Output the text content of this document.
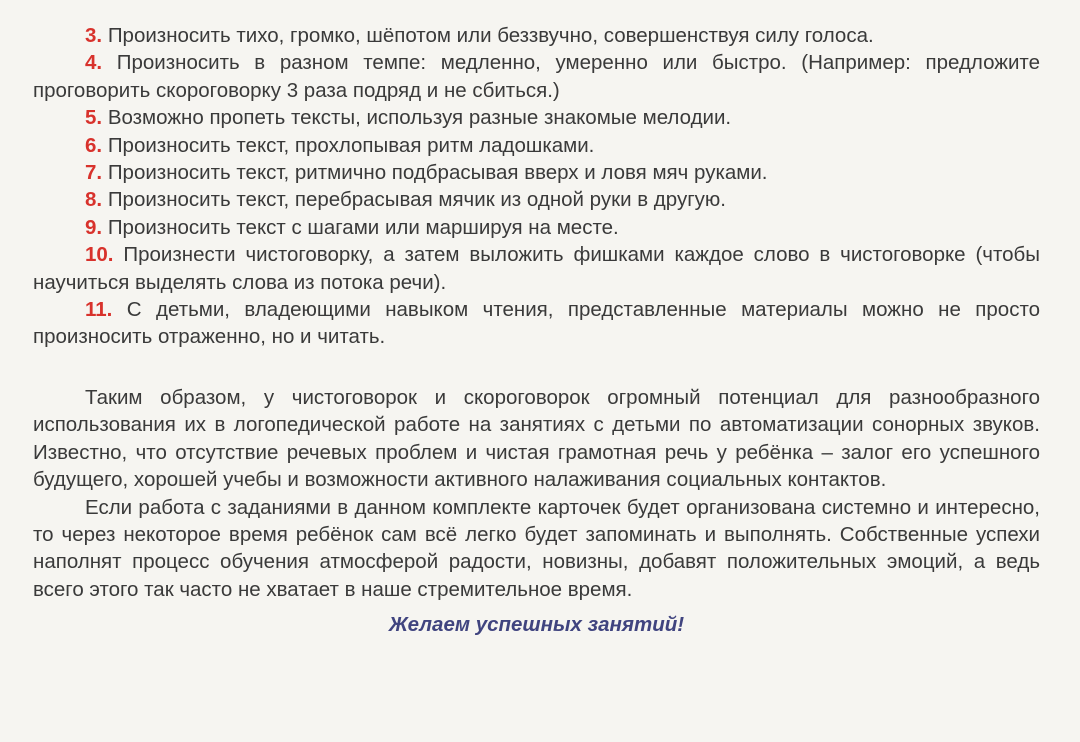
3. Произносить тихо, громко, шёпотом или беззвучно, совершенствуя силу голоса.

4. Произносить в разном темпе: медленно, умеренно или быстро. (Например: предложите проговорить скороговорку 3 раза подряд и не сбиться.)

5. Возможно пропеть тексты, используя разные знакомые мелодии.

6. Произносить текст, прохлопывая ритм ладошками.

7. Произносить текст, ритмично подбрасывая вверх и ловя мяч руками.

8. Произносить текст, перебрасывая мячик из одной руки в другую.

9. Произносить текст с шагами или маршируя на месте.

10. Произнести чистоговорку, а затем выложить фишками каждое слово в чистоговорке (чтобы научиться выделять слова из потока речи).

11. С детьми, владеющими навыком чтения, представленные материалы можно не просто произносить отраженно, но и читать.

Таким образом, у чистоговорок и скороговорок огромный потенциал для разнообразного использования их в логопедической работе на занятиях с детьми по автоматизации сонорных звуков. Известно, что отсутствие речевых проблем и чистая грамотная речь у ребёнка – залог его успешного будущего, хорошей учебы и возможности активного налаживания социальных контактов.

Если работа с заданиями в данном комплекте карточек будет организована системно и интересно, то через некоторое время ребёнок сам всё легко будет запоминать и выполнять. Собственные успехи наполнят процесс обучения атмосферой радости, новизны, добавят положительных эмоций, а ведь всего этого так часто не хватает в наше стремительное время.

Желаем успешных занятий!
